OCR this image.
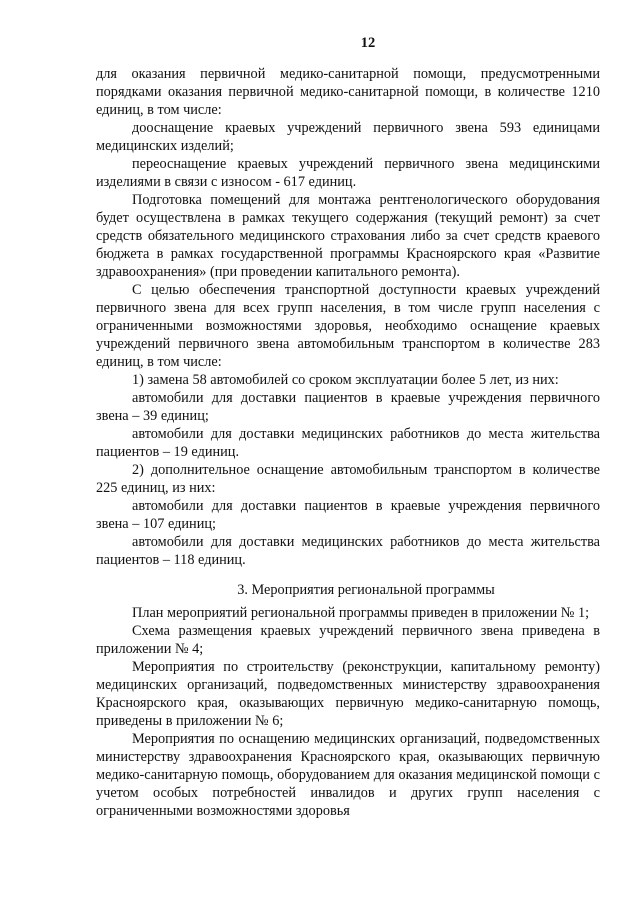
12

для оказания первичной медико-санитарной помощи, предусмотренными порядками оказания первичной медико-санитарной помощи, в количестве 1210 единиц, в том числе:

дооснащение краевых учреждений первичного звена 593 единицами медицинских изделий;

переоснащение краевых учреждений первичного звена медицинскими изделиями в связи с износом - 617 единиц.

Подготовка помещений для монтажа рентгенологического оборудования будет осуществлена в рамках текущего содержания (текущий ремонт) за счет средств обязательного медицинского страхования либо за счет средств краевого бюджета в рамках государственной программы Красноярского края «Развитие здравоохранения» (при проведении капитального ремонта).

С целью обеспечения транспортной доступности краевых учреждений первичного звена для всех групп населения, в том числе групп населения с ограниченными возможностями здоровья, необходимо оснащение краевых учреждений первичного звена автомобильным транспортом в количестве 283 единиц, в том числе:

1) замена 58 автомобилей со сроком эксплуатации более 5 лет, из них:

автомобили для доставки пациентов в краевые учреждения первичного звена – 39 единиц;

автомобили для доставки медицинских работников до места жительства пациентов – 19 единиц.

2) дополнительное оснащение автомобильным транспортом в количестве 225 единиц, из них:

автомобили для доставки пациентов в краевые учреждения первичного звена – 107 единиц;

автомобили для доставки медицинских работников до места жительства пациентов – 118 единиц.

3. Мероприятия региональной программы

План мероприятий региональной программы приведен в приложении № 1;

Схема размещения краевых учреждений первичного звена приведена в приложении № 4;

Мероприятия по строительству (реконструкции, капитальному ремонту) медицинских организаций, подведомственных министерству здравоохранения Красноярского края, оказывающих первичную медико-санитарную помощь, приведены в приложении № 6;

Мероприятия по оснащению медицинских организаций, подведомственных министерству здравоохранения Красноярского края, оказывающих первичную медико-санитарную помощь, оборудованием для оказания медицинской помощи с учетом особых потребностей инвалидов и других групп населения с ограниченными возможностями здоровья
